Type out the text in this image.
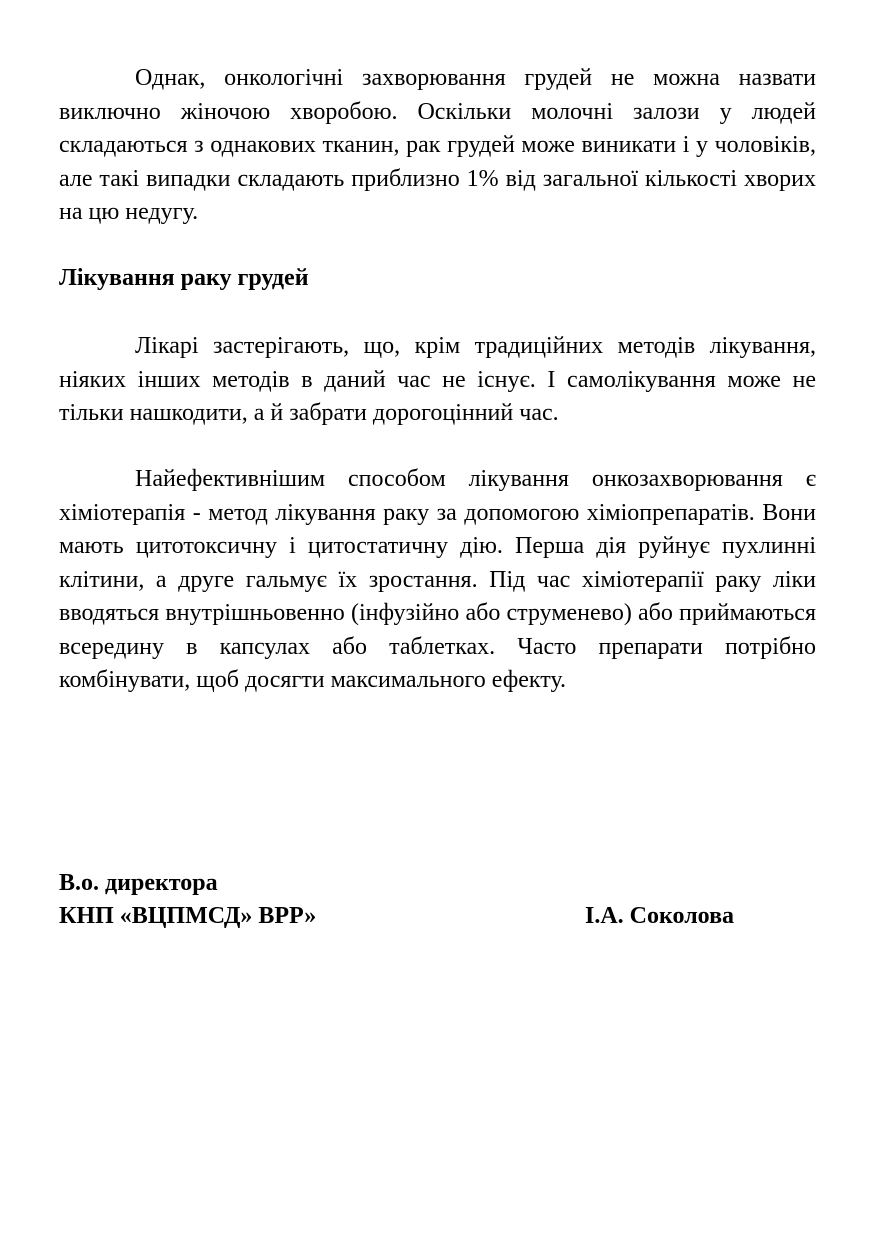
Однак, онкологічні захворювання грудей не можна назвати виключно жіночою хворобою. Оскільки молочні залози у людей складаються з однакових тканин, рак грудей може виникати і у чоловіків, але такі випадки складають приблизно 1% від загальної кількості хворих на цю недугу.

Лікування раку грудей

Лікарі застерігають, що, крім традиційних методів лікування, ніяких інших методів в даний час не існує. І самолікування може не тільки нашкодити, а й забрати дорогоцінний час.

Найефективнішим способом лікування онкозахворювання є хіміотерапія - метод лікування раку за допомогою хіміопрепаратів. Вони мають цитотоксичну і цитостатичну дію. Перша дія руйнує пухлинні клітини, а друге гальмує їх зростання. Під час хіміотерапії раку ліки вводяться внутрішньовенно (інфузійно або струменево) або приймаються всередину в капсулах або таблетках. Часто препарати потрібно комбінувати, щоб досягти максимального ефекту.

В.о. директора
КНП «ВЦПМСД» ВРР»	І.А. Соколова
